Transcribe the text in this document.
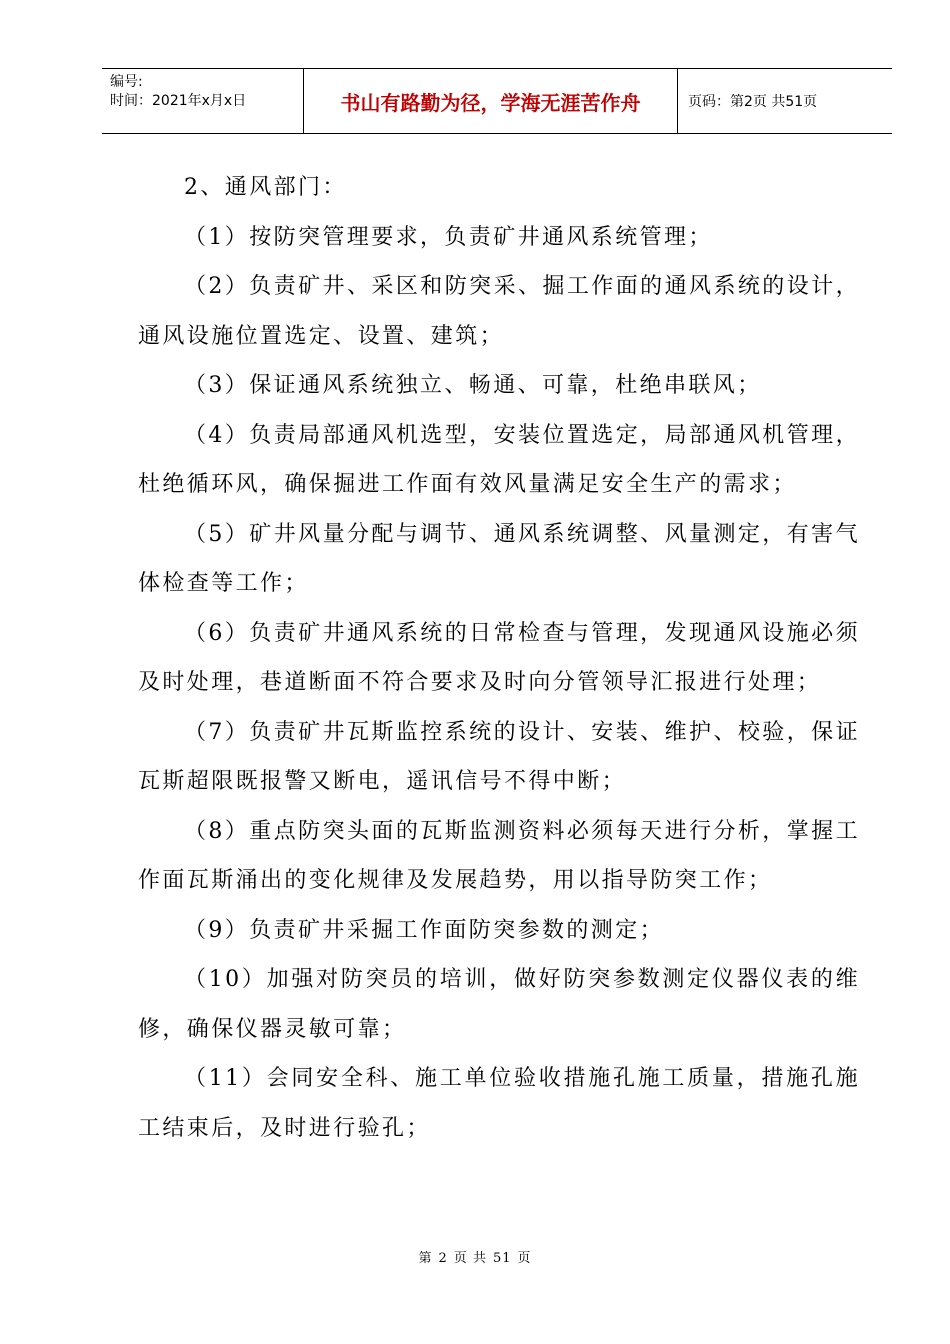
编号:
时间：2021年x月x日	书山有路勤为径，学海无涯苦作舟	页码：第2页 共51页

2、通风部门：

（1）按防突管理要求，负责矿井通风系统管理；

（2）负责矿井、采区和防突采、掘工作面的通风系统的设计，通风设施位置选定、设置、建筑；

（3）保证通风系统独立、畅通、可靠，杜绝串联风；

（4）负责局部通风机选型，安装位置选定，局部通风机管理，杜绝循环风，确保掘进工作面有效风量满足安全生产的需求；

（5）矿井风量分配与调节、通风系统调整、风量测定，有害气体检查等工作；

（6）负责矿井通风系统的日常检查与管理，发现通风设施必须及时处理，巷道断面不符合要求及时向分管领导汇报进行处理；

（7）负责矿井瓦斯监控系统的设计、安装、维护、校验，保证瓦斯超限既报警又断电，遥讯信号不得中断；

（8）重点防突头面的瓦斯监测资料必须每天进行分析，掌握工作面瓦斯涌出的变化规律及发展趋势，用以指导防突工作；

（9）负责矿井采掘工作面防突参数的测定；

（10）加强对防突员的培训，做好防突参数测定仪器仪表的维修，确保仪器灵敏可靠；

（11）会同安全科、施工单位验收措施孔施工质量，措施孔施工结束后，及时进行验孔；

第 2 页 共 51 页
